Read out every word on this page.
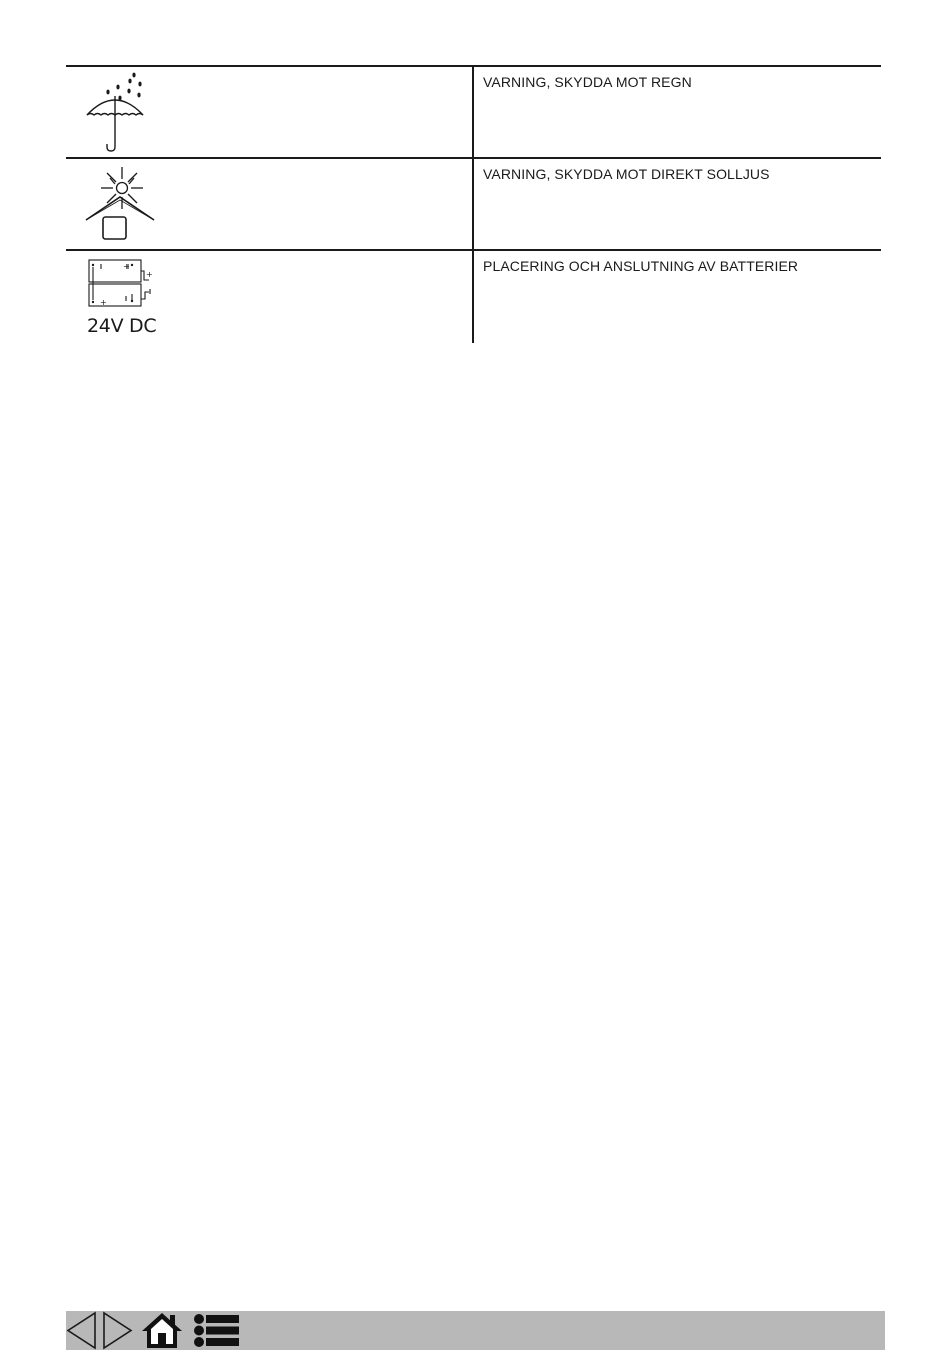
VARNING, SKYDDA MOT REGN
VARNING, SKYDDA MOT DIREKT SOLLJUS
+
+
+
24V DC
PLACERING OCH ANSLUTNING AV BATTERIER
